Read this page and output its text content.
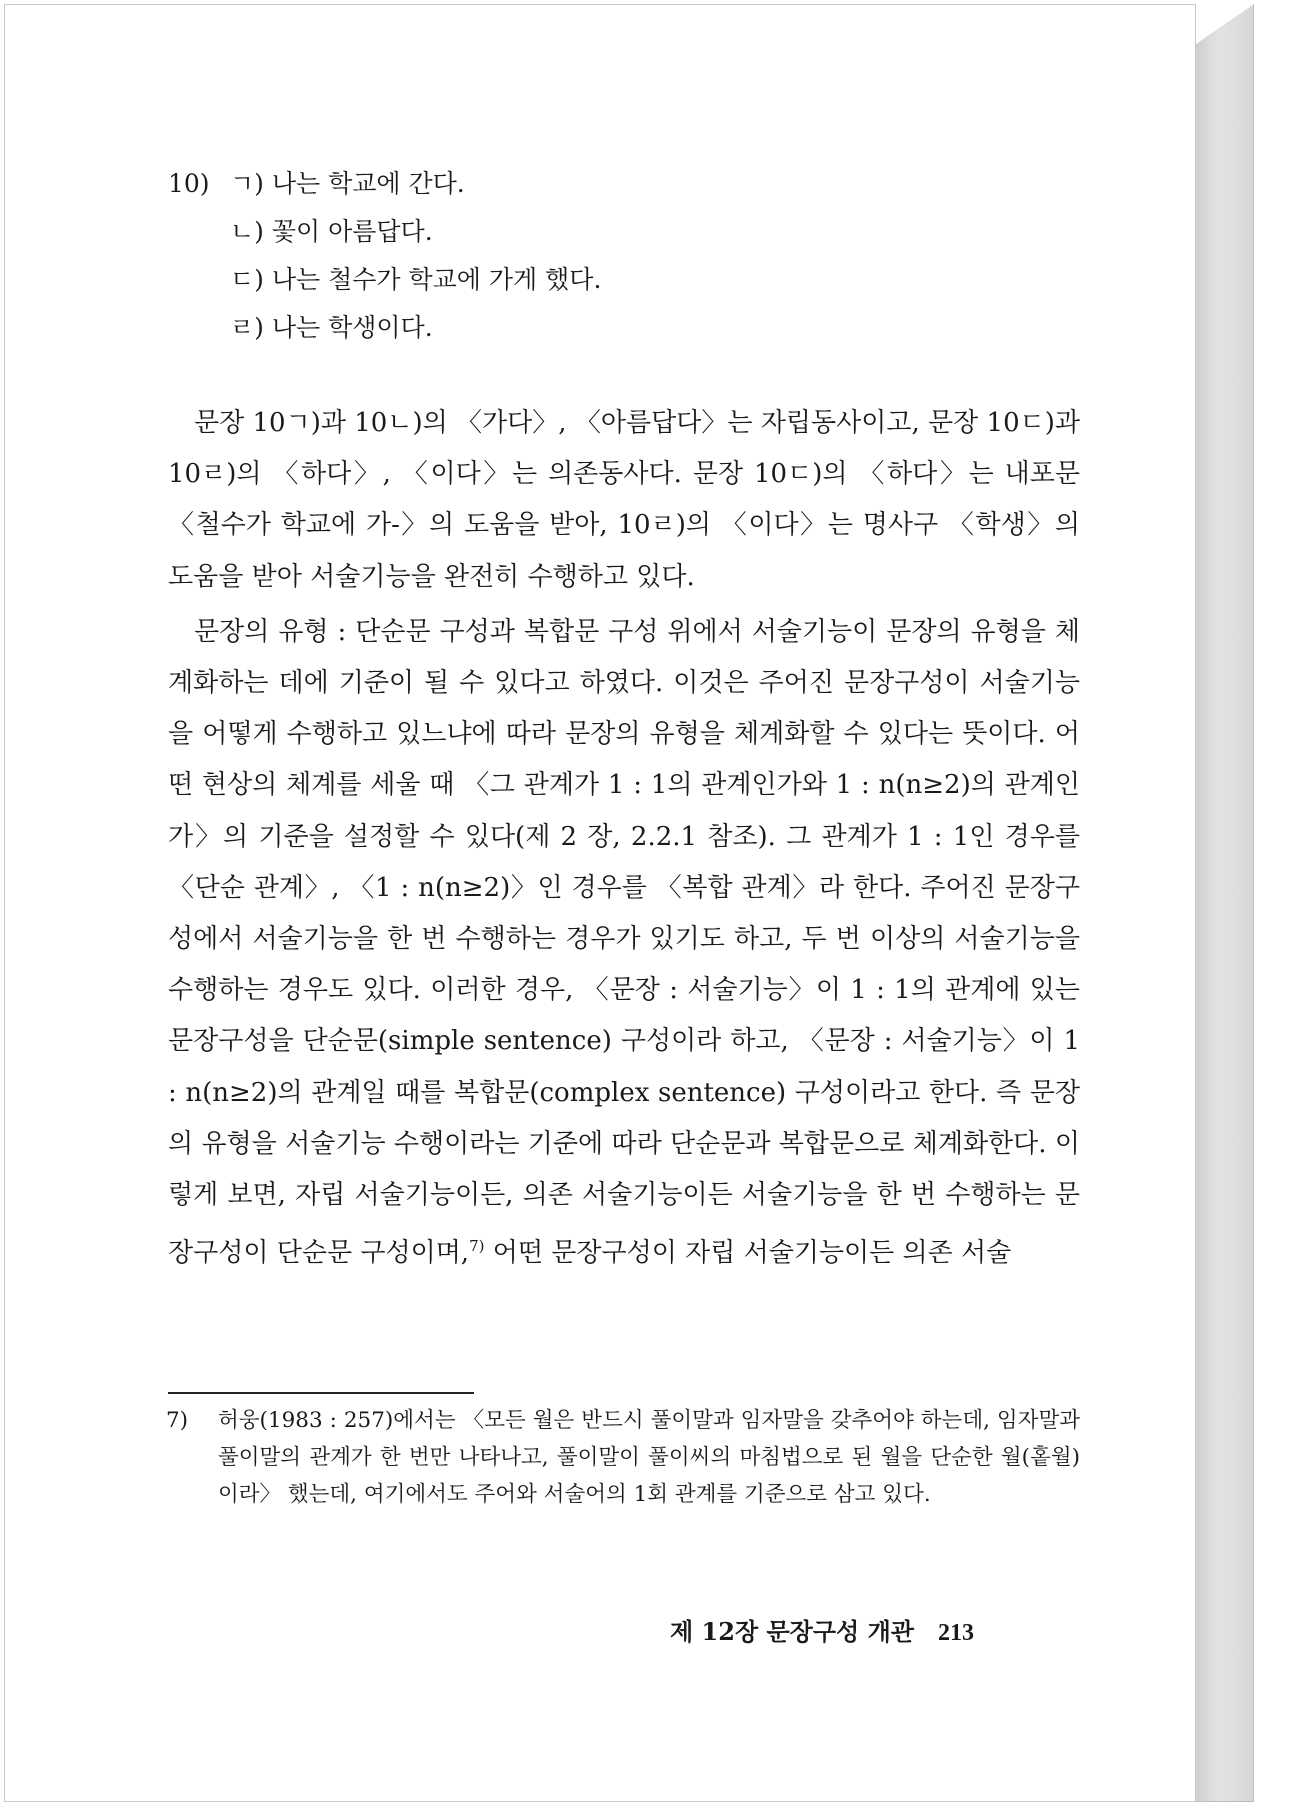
10) ㄱ) 나는 학교에 간다.
ㄴ) 꽃이 아름답다.
ㄷ) 나는 철수가 학교에 가게 했다.
ㄹ) 나는 학생이다.

문장 10ㄱ)과 10ㄴ)의 〈가다〉, 〈아름답다〉는 자립동사이고, 문장 10ㄷ)과 10ㄹ)의 〈하다〉, 〈이다〉는 의존동사다. 문장 10ㄷ)의 〈하다〉는 내포문 〈철수가 학교에 가-〉의 도움을 받아, 10ㄹ)의 〈이다〉는 명사구 〈학생〉의 도움을 받아 서술기능을 완전히 수행하고 있다.

문장의 유형 : 단순문 구성과 복합문 구성 위에서 서술기능이 문장의 유형을 체계화하는 데에 기준이 될 수 있다고 하였다. 이것은 주어진 문장구성이 서술기능을 어떻게 수행하고 있느냐에 따라 문장의 유형을 체계화할 수 있다는 뜻이다. 어떤 현상의 체계를 세울 때 〈그 관계가 1 : 1의 관계인가와 1 : n(n≥2)의 관계인가〉의 기준을 설정할 수 있다(제 2 장, 2.2.1 참조). 그 관계가 1 : 1인 경우를 〈단순 관계〉, 〈1 : n(n≥2)〉인 경우를 〈복합 관계〉라 한다. 주어진 문장구성에서 서술기능을 한 번 수행하는 경우가 있기도 하고, 두 번 이상의 서술기능을 수행하는 경우도 있다. 이러한 경우, 〈문장 : 서술기능〉이 1 : 1의 관계에 있는 문장구성을 단순문(simple sentence) 구성이라 하고, 〈문장 : 서술기능〉이 1 : n(n≥2)의 관계일 때를 복합문(complex sentence) 구성이라고 한다. 즉 문장의 유형을 서술기능 수행이라는 기준에 따라 단순문과 복합문으로 체계화한다. 이렇게 보면, 자립 서술기능이든, 의존 서술기능이든 서술기능을 한 번 수행하는 문장구성이 단순문 구성이며,$^{7)}$ 어떤 문장구성이 자립 서술기능이든 의존 서술

7) 허웅(1983 : 257)에서는 〈모든 월은 반드시 풀이말과 임자말을 갖추어야 하는데, 임자말과 풀이말의 관계가 한 번만 나타나고, 풀이말이 풀이씨의 마침법으로 된 월을 단순한 월(홑월)이라〉 했는데, 여기에서도 주어와 서술어의 1회 관계를 기준으로 삼고 있다.
제 12장 문장구성 개관 213
